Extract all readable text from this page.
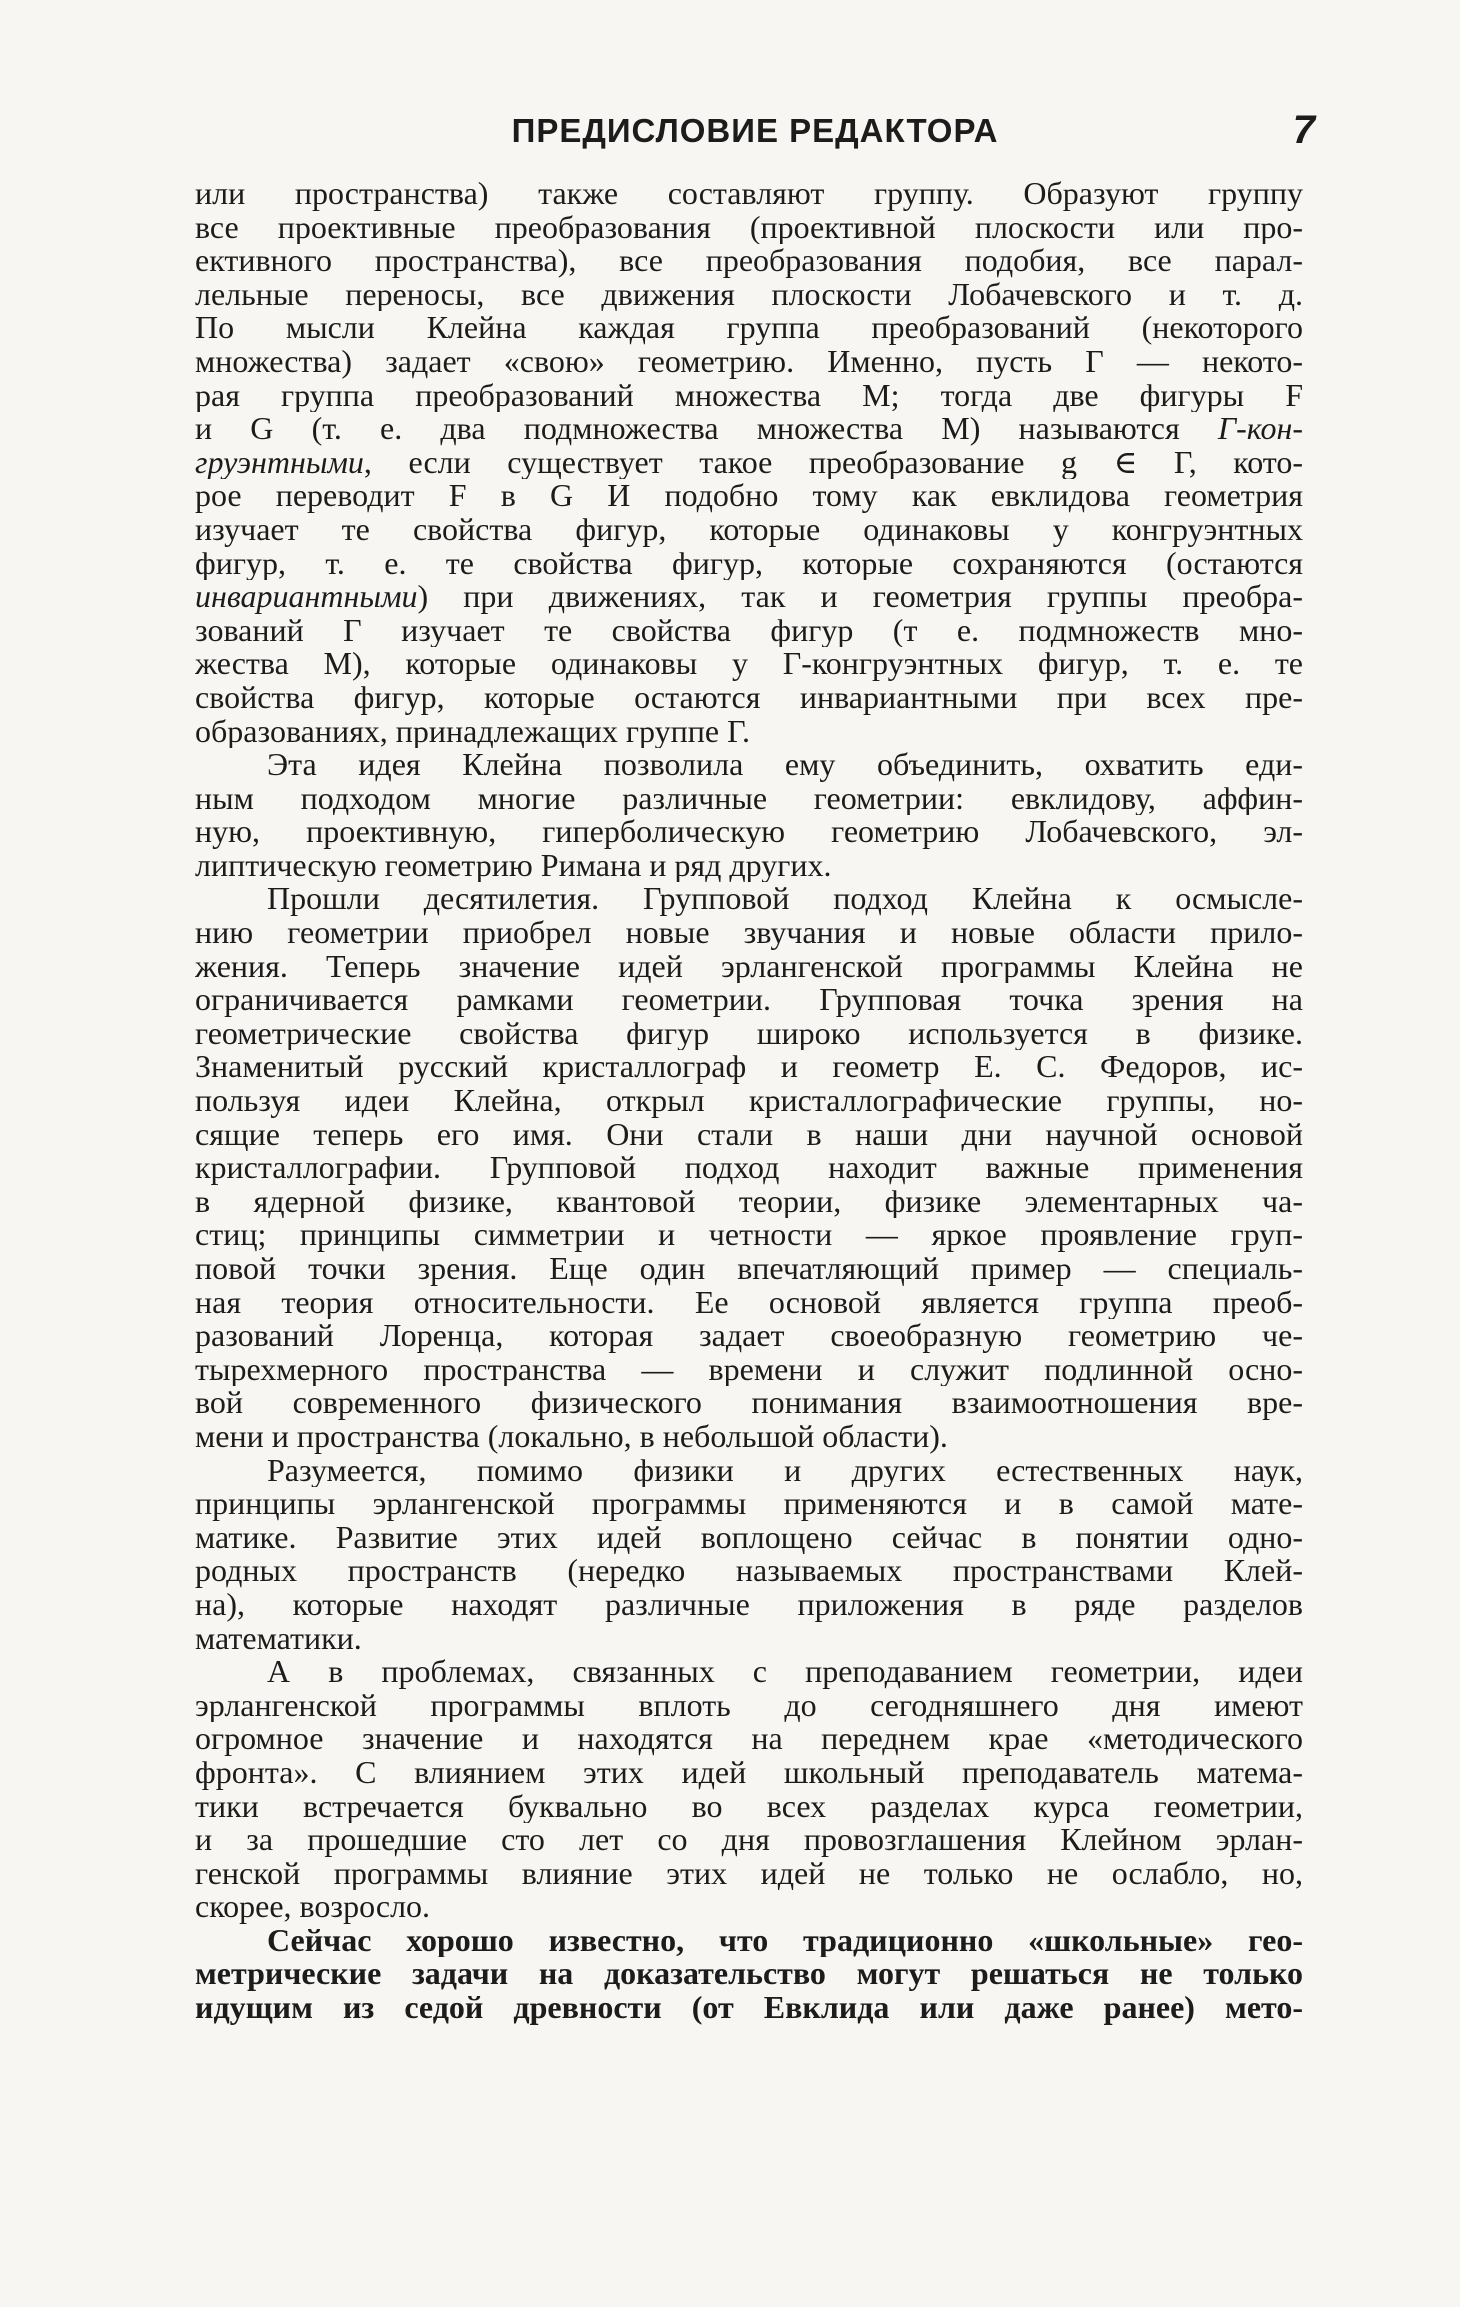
ПРЕДИСЛОВИЕ РЕДАКТОРА	7
или пространства) также составляют группу. Образуют группу
все проективные преобразования (проективной плоскости или про-
ективного пространства), все преобразования подобия, все парал-
лельные переносы, все движения плоскости Лобачевского и т. д.
По мысли Клейна каждая группа преобразований (некоторого
множества) задает «свою» геометрию. Именно, пусть Г — некото-
рая группа преобразований множества M; тогда две фигуры F
и G (т. е. два подмножества множества M) называются Г-кон-
груэнтными, если существует такое преобразование g ∈ Г, кото-
рое переводит F в G И подобно тому как евклидова геометрия
изучает те свойства фигур, которые одинаковы у конгруэнтных
фигур, т. е. те свойства фигур, которые сохраняются (остаются
инвариантными) при движениях, так и геометрия группы преобра-
зований Г изучает те свойства фигур (т е. подмножеств мно-
жества M), которые одинаковы у Г-конгруэнтных фигур, т. е. те
свойства фигур, которые остаются инвариантными при всех пре-
образованиях, принадлежащих группе Г.
Эта идея Клейна позволила ему объединить, охватить еди-
ным подходом многие различные геометрии: евклидову, аффин-
ную, проективную, гиперболическую геометрию Лобачевского, эл-
липтическую геометрию Римана и ряд других.
Прошли десятилетия. Групповой подход Клейна к осмысле-
нию геометрии приобрел новые звучания и новые области прило-
жения. Теперь значение идей эрлангенской программы Клейна не
ограничивается рамками геометрии. Групповая точка зрения на
геометрические свойства фигур широко используется в физике.
Знаменитый русский кристаллограф и геометр Е. С. Федоров, ис-
пользуя идеи Клейна, открыл кристаллографические группы, но-
сящие теперь его имя. Они стали в наши дни научной основой
кристаллографии. Групповой подход находит важные применения
в ядерной физике, квантовой теории, физике элементарных ча-
стиц; принципы симметрии и четности — яркое проявление груп-
повой точки зрения. Еще один впечатляющий пример — специаль-
ная теория относительности. Ее основой является группа преоб-
разований Лоренца, которая задает своеобразную геометрию че-
тырехмерного пространства — времени и служит подлинной осно-
вой современного физического понимания взаимоотношения вре-
мени и пространства (локально, в небольшой области).
Разумеется, помимо физики и других естественных наук,
принципы эрлангенской программы применяются и в самой мате-
матике. Развитие этих идей воплощено сейчас в понятии одно-
родных пространств (нередко называемых пространствами Клей-
на), которые находят различные приложения в ряде разделов
математики.
А в проблемах, связанных с преподаванием геометрии, идеи
эрлангенской программы вплоть до сегодняшнего дня имеют
огромное значение и находятся на переднем крае «методического
фронта». С влиянием этих идей школьный преподаватель матема-
тики встречается буквально во всех разделах курса геометрии,
и за прошедшие сто лет со дня провозглашения Клейном эрлан-
генской программы влияние этих идей не только не ослабло, но,
скорее, возросло.
Сейчас хорошо известно, что традиционно «школьные» гео-
метрические задачи на доказательство могут решаться не только
идущим из седой древности (от Евклида или даже ранее) мето-
